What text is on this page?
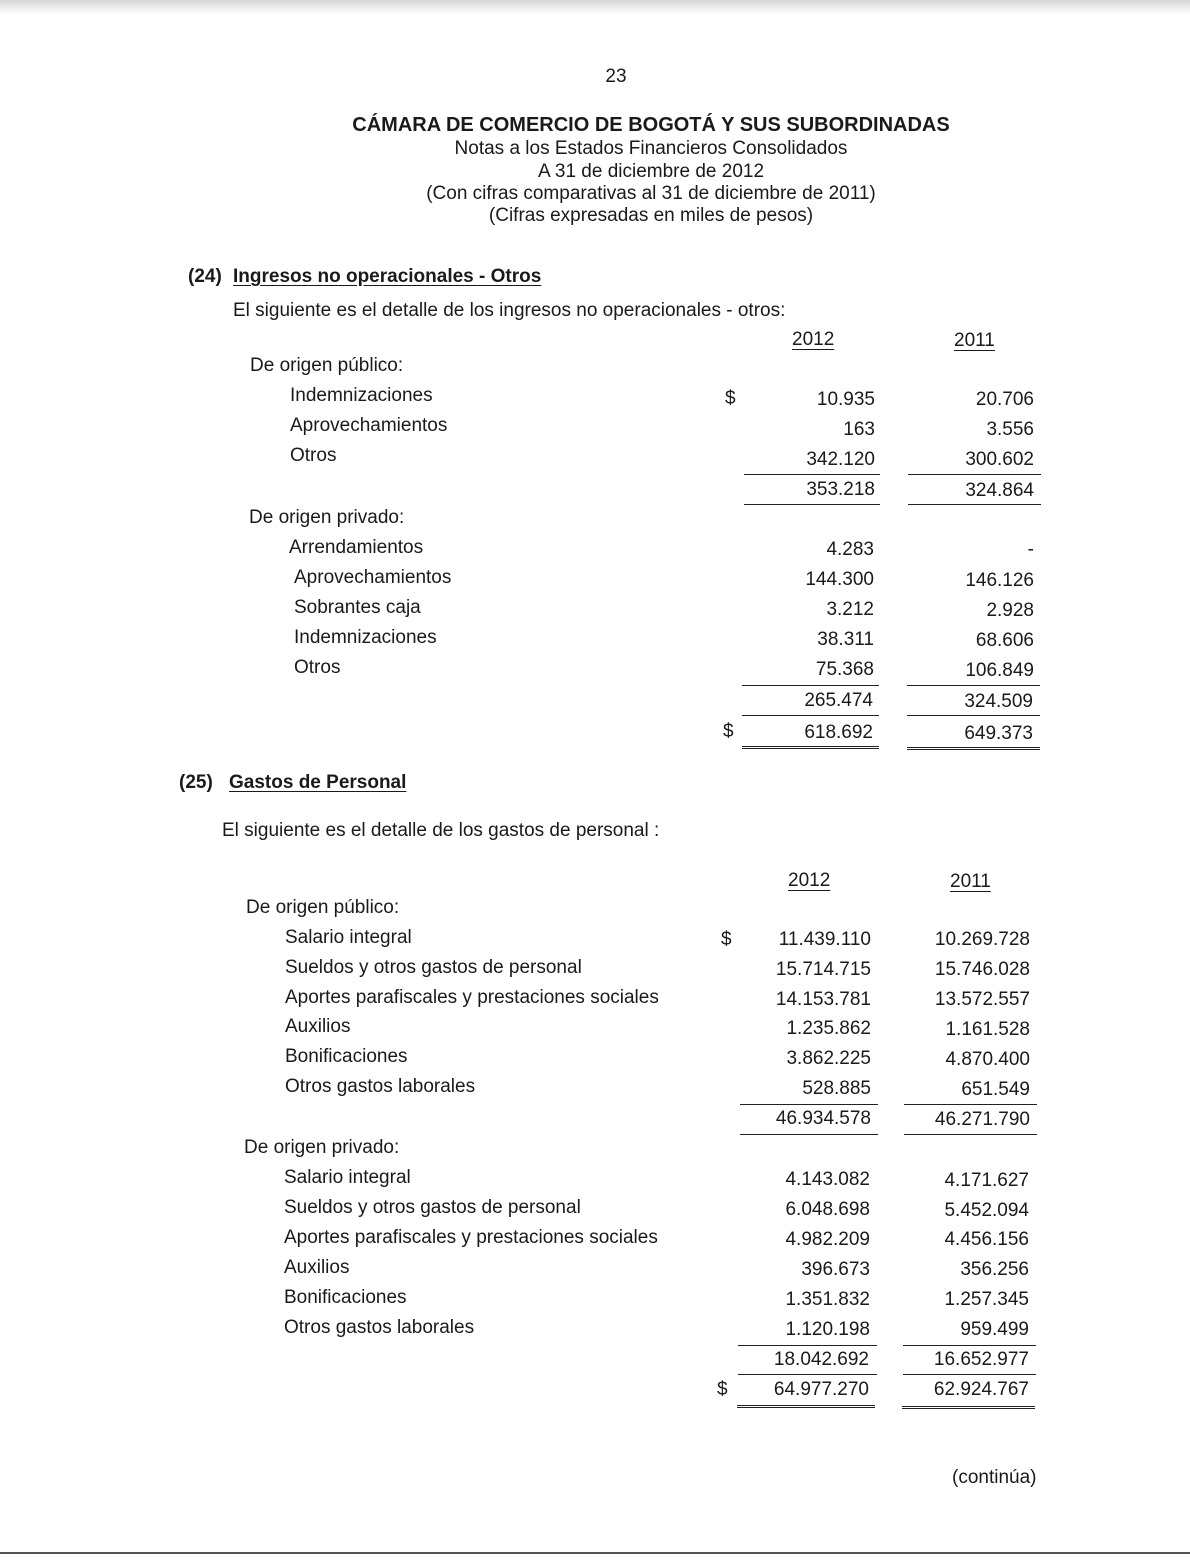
23
CÁMARA DE COMERCIO DE BOGOTÁ Y SUS SUBORDINADAS
Notas a los Estados Financieros Consolidados
A 31 de diciembre de 2012
(Con cifras comparativas al 31 de diciembre de 2011)
(Cifras expresadas en miles de pesos)
(24) Ingresos no operacionales - Otros
El siguiente es el detalle de los ingresos no operacionales - otros:
2012	2011
De origen público:
$
Indemnizaciones	10.935	20.706
Aprovechamientos	163	3.556
Otros	342.120	300.602
353.218	324.864
De origen privado:
Arrendamientos	4.283	-
Aprovechamientos	144.300	146.126
Sobrantes caja	3.212	2.928
Indemnizaciones	38.311	68.606
Otros	75.368	106.849
265.474	324.509
$	618.692	649.373
(25) Gastos de Personal
El siguiente es el detalle de los gastos de personal :
2012	2011
De origen público:
$
Salario integral	11.439.110	10.269.728
Sueldos y otros gastos de personal	15.714.715	15.746.028
Aportes parafiscales y prestaciones sociales	14.153.781	13.572.557
Auxilios	1.235.862	1.161.528
Bonificaciones	3.862.225	4.870.400
Otros gastos laborales	528.885	651.549
46.934.578	46.271.790
De origen privado:
Salario integral	4.143.082	4.171.627
Sueldos y otros gastos de personal	6.048.698	5.452.094
Aportes parafiscales y prestaciones sociales	4.982.209	4.456.156
Auxilios	396.673	356.256
Bonificaciones	1.351.832	1.257.345
Otros gastos laborales	1.120.198	959.499
18.042.692	16.652.977
$	64.977.270	62.924.767
(continúa)
